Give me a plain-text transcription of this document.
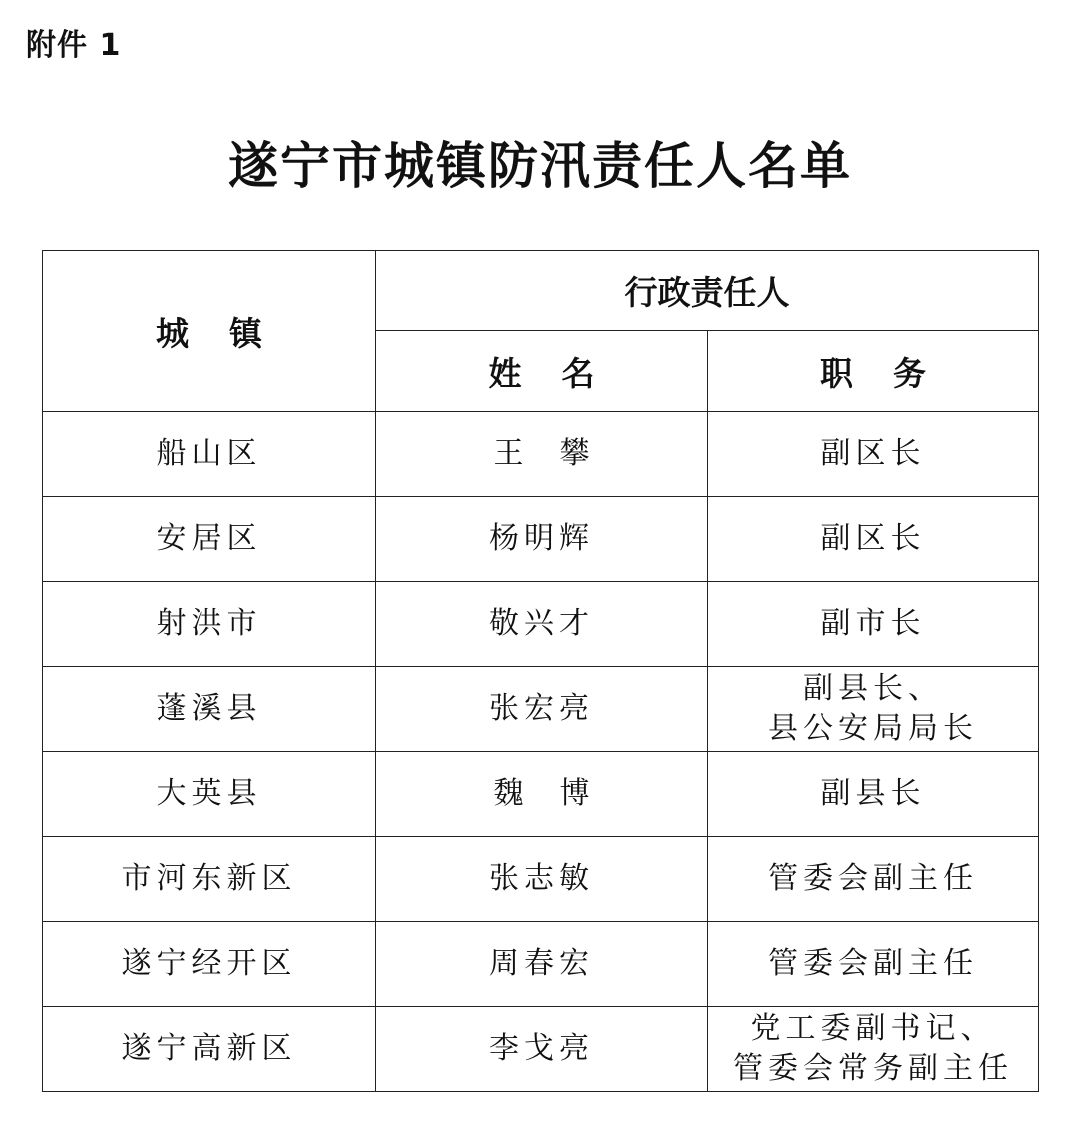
附件 1
遂宁市城镇防汛责任人名单
城镇	行政责任人	
	姓名	职务
船山区	王攀	副区长

安居区	杨明辉	副区长

射洪市	敬兴才	副市长

蓬溪县	张宏亮	副县长、
县公安局局长

大英县	魏博	副县长

市河东新区	张志敏	管委会副主任

遂宁经开区	周春宏	管委会副主任

遂宁高新区	李戈亮	党工委副书记、
管委会常务副主任
